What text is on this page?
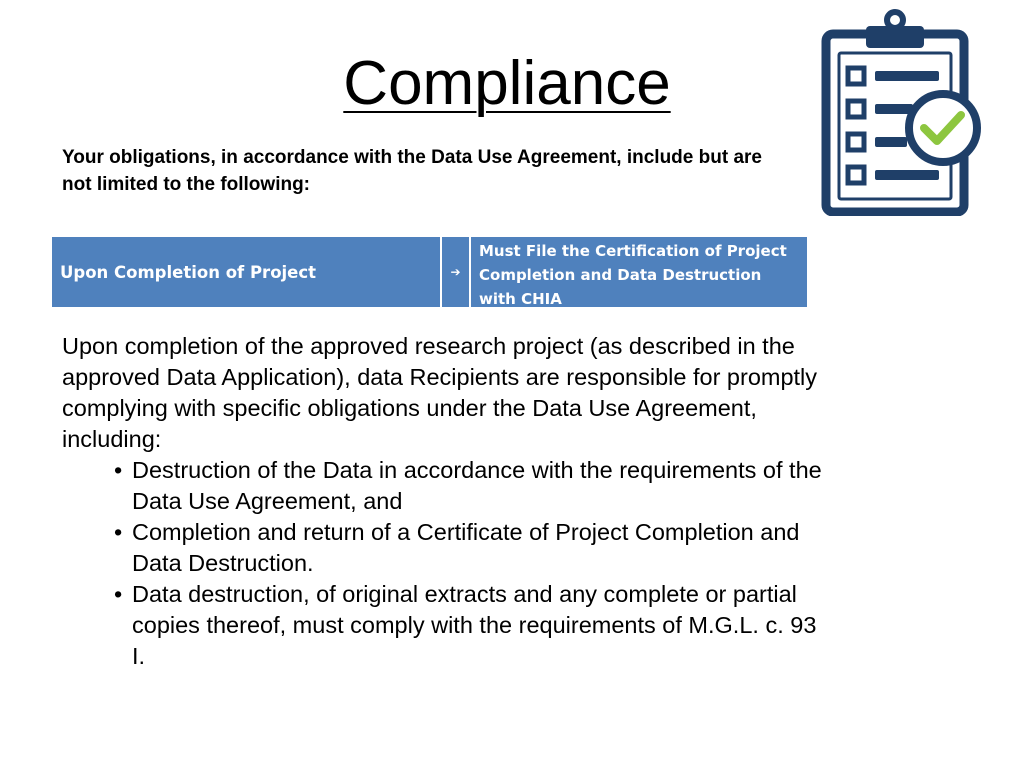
Compliance
Your obligations, in accordance with the Data Use Agreement, include but are not limited to the following:
Upon Completion of Project	➔
Must File the Certification of Project Completion and Data Destruction with CHIA

Upon completion of the approved research project (as described in the approved Data Application), data Recipients are responsible for promptly complying with specific obligations under the Data Use Agreement, including:

• Destruction of the Data in accordance with the requirements of the Data Use Agreement, and
• Completion and return of a Certificate of Project Completion and Data Destruction.
• Data destruction, of original extracts and any complete or partial copies thereof, must comply with the requirements of M.G.L. c. 93 I.
